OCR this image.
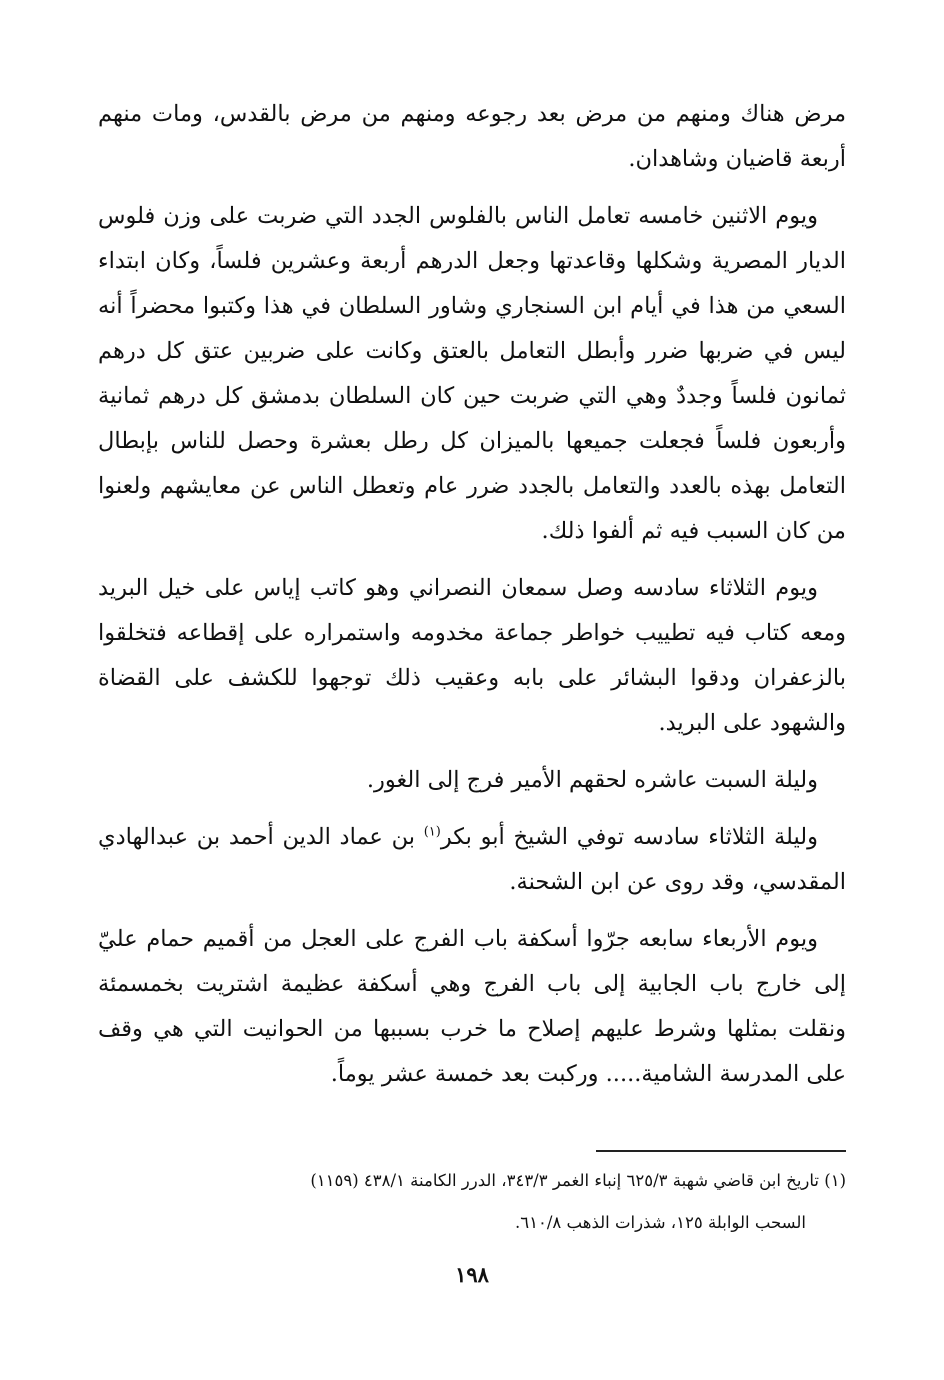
مرض هناك ومنهم من مرض بعد رجوعه ومنهم من مرض بالقدس، ومات منهم أربعة قاضيان وشاهدان.

ويوم الاثنين خامسه تعامل الناس بالفلوس الجدد التي ضربت على وزن فلوس الديار المصرية وشكلها وقاعدتها وجعل الدرهم أربعة وعشرين فلساً، وكان ابتداء السعي من هذا في أيام ابن السنجاري وشاور السلطان في هذا وكتبوا محضراً أنه ليس في ضربها ضرر وأبطل التعامل بالعتق وكانت على ضربين عتق كل درهم ثمانون فلساً وجددٌ وهي التي ضربت حين كان السلطان بدمشق كل درهم ثمانية وأربعون فلساً فجعلت جميعها بالميزان كل رطل بعشرة وحصل للناس بإبطال التعامل بهذه بالعدد والتعامل بالجدد ضرر عام وتعطل الناس عن معايشهم ولعنوا من كان السبب فيه ثم ألفوا ذلك.

ويوم الثلاثاء سادسه وصل سمعان النصراني وهو كاتب إياس على خيل البريد ومعه كتاب فيه تطييب خواطر جماعة مخدومه واستمراره على إقطاعه فتخلقوا بالزعفران ودقوا البشائر على بابه وعقيب ذلك توجهوا للكشف على القضاة والشهود على البريد.

وليلة السبت عاشره لحقهم الأمير فرج إلى الغور.

وليلة الثلاثاء سادسه توفي الشيخ أبو بكر$^{(١)}$ بن عماد الدين أحمد بن عبدالهادي المقدسي، وقد روى عن ابن الشحنة.

ويوم الأربعاء سابعه جرّوا أسكفة باب الفرج على العجل من أقميم حمام عليّ إلى خارج باب الجابية إلى باب الفرج وهي أسكفة عظيمة اشتريت بخمسمئة ونقلت بمثلها وشرط عليهم إصلاح ما خرب بسببها من الحوانيت التي هي وقف على المدرسة الشامية..... وركبت بعد خمسة عشر يوماً.

(١) تاريخ ابن قاضي شهبة ٦٢٥/٣ إنباء الغمر ٣٤٣/٣، الدرر الكامنة ٤٣٨/١ (١١٥٩)

السحب الوابلة ١٢٥، شذرات الذهب ٦١٠/٨.

١٩٨
